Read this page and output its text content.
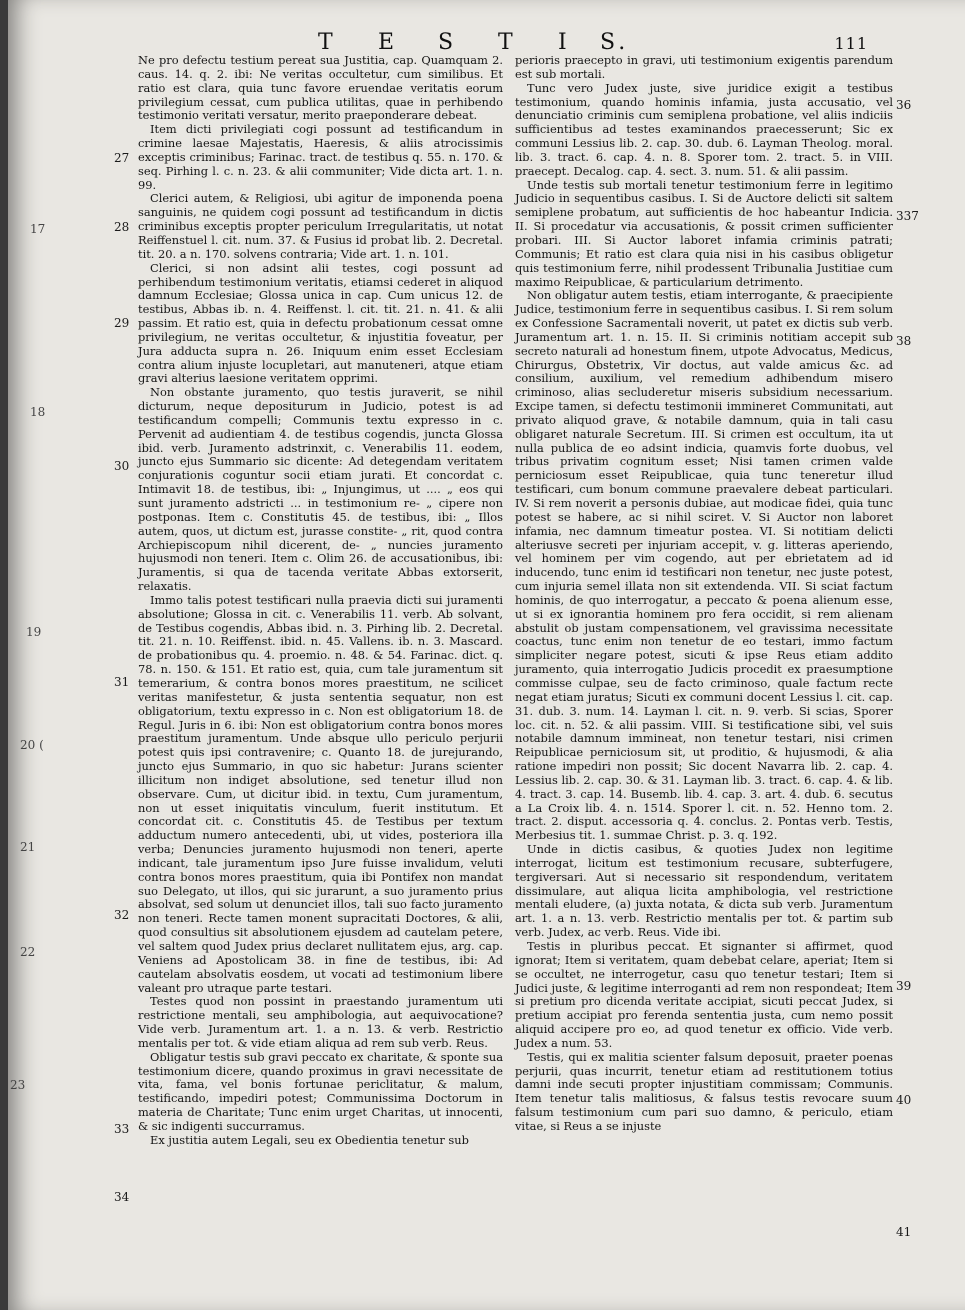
T E S T I S.	111
17
18
19
20 (
21
22
23
27
28
29
30
31
32
33
34
36
337
38
39
40
41

Ne pro defectu testium pereat sua Justitia, cap. Quamquam 2. caus. 14. q. 2. ibi: Ne veritas occultetur, cum similibus. Et ratio est clara, quia tunc favore eruendae veritatis eorum privilegium cessat, cum publica utilitas, quae in perhibendo testimonio veritati versatur, merito praeponderare debeat.

Item dicti privilegiati cogi possunt ad testificandum in crimine laesae Majestatis, Haeresis, & aliis atrocissimis exceptis criminibus; Farinac. tract. de testibus q. 55. n. 170. & seq. Pirhing l. c. n. 23. & alii communiter; Vide dicta art. 1. n. 99.

Clerici autem, & Religiosi, ubi agitur de imponenda poena sanguinis, ne quidem cogi possunt ad testificandum in dictis criminibus exceptis propter periculum Irregularitatis, ut notat Reiffenstuel l. cit. num. 37. & Fusius id probat lib. 2. Decretal. tit. 20. a n. 170. solvens contraria; Vide art. 1. n. 101.

Clerici, si non adsint alii testes, cogi possunt ad perhibendum testimonium veritatis, etiamsi cederet in aliquod damnum Ecclesiae; Glossa unica in cap. Cum unicus 12. de testibus, Abbas ib. n. 4. Reiffenst. l. cit. tit. 21. n. 41. & alii passim. Et ratio est, quia in defectu probationum cessat omne privilegium, ne veritas occultetur, & injustitia foveatur, per Jura adducta supra n. 26. Iniquum enim esset Ecclesiam contra alium injuste locupletari, aut manuteneri, atque etiam gravi alterius laesione veritatem opprimi.

Non obstante juramento, quo testis juraverit, se nihil dicturum, neque depositurum in Judicio, potest is ad testificandum compelli; Communis textu expresso in c. Pervenit ad audientiam 4. de testibus cogendis, juncta Glossa ibid. verb. Juramento adstrinxit, c. Venerabilis 11. eodem, juncto ejus Summario sic dicente: Ad detegendam veritatem conjurationis coguntur socii etiam jurati. Et concordat c. Intimavit 18. de testibus, ibi: „ Injungimus, ut .... „ eos qui sunt juramento adstricti ... in testimonium re- „ cipere non postponas. Item c. Constitutis 45. de testibus, ibi: „ Illos autem, quos, ut dictum est, jurasse constite- „ rit, quod contra Archiepiscopum nihil dicerent, de- „ nuncies juramento hujusmodi non teneri. Item c. Olim 26. de accusationibus, ibi: Juramentis, si qua de tacenda veritate Abbas extorserit, relaxatis.

Immo talis potest testificari nulla praevia dicti sui juramenti absolutione; Glossa in cit. c. Venerabilis 11. verb. Ab solvant, de Testibus cogendis, Abbas ibid. n. 3. Pirhing lib. 2. Decretal. tit. 21. n. 10. Reiffenst. ibid. n. 45. Vallens. ib. n. 3. Mascard. de probationibus qu. 4. proemio. n. 48. & 54. Farinac. dict. q. 78. n. 150. & 151. Et ratio est, quia, cum tale juramentum sit temerarium, & contra bonos mores praestitum, ne scilicet veritas manifestetur, & justa sententia sequatur, non est obligatorium, textu expresso in c. Non est obligatorium 18. de Regul. Juris in 6. ibi: Non est obligatorium contra bonos mores praestitum juramentum. Unde absque ullo periculo perjurii potest quis ipsi contravenire; c. Quanto 18. de jurejurando, juncto ejus Summario, in quo sic habetur: Jurans scienter illicitum non indiget absolutione, sed tenetur illud non observare. Cum, ut dicitur ibid. in textu, Cum juramentum, non ut esset iniquitatis vinculum, fuerit institutum. Et concordat cit. c. Constitutis 45. de Testibus per textum adductum numero antecedenti, ubi, ut vides, posteriora illa verba; Denuncies juramento hujusmodi non teneri, aperte indicant, tale juramentum ipso Jure fuisse invalidum, veluti contra bonos mores praestitum, quia ibi Pontifex non mandat suo Delegato, ut illos, qui sic jurarunt, a suo juramento prius absolvat, sed solum ut denunciet illos, tali suo facto juramento non teneri. Recte tamen monent supracitati Doctores, & alii, quod consultius sit absolutionem ejusdem ad cautelam petere, vel saltem quod Judex prius declaret nullitatem ejus, arg. cap. Veniens ad Apostolicam 38. in fine de testibus, ibi: Ad cautelam absolvatis eosdem, ut vocati ad testimonium libere valeant pro utraque parte testari.

Testes quod non possint in praestando juramentum uti restrictione mentali, seu amphibologia, aut aequivocatione? Vide verb. Juramentum art. 1. a n. 13. & verb. Restrictio mentalis per tot. & vide etiam aliqua ad rem sub verb. Reus.

Obligatur testis sub gravi peccato ex charitate, & sponte sua testimonium dicere, quando proximus in gravi necessitate de vita, fama, vel bonis fortunae periclitatur, & malum, testificando, impediri potest; Communissima Doctorum in materia de Charitate; Tunc enim urget Charitas, ut innocenti, & sic indigenti succurramus.

Ex justitia autem Legali, seu ex Obedientia tenetur sub

perioris praecepto in gravi, uti testimonium exigentis parendum est sub mortali.

Tunc vero Judex juste, sive juridice exigit a testibus testimonium, quando hominis infamia, justa accusatio, vel denunciatio criminis cum semiplena probatione, vel aliis indiciis sufficientibus ad testes examinandos praecesserunt; Sic ex communi Lessius lib. 2. cap. 30. dub. 6. Layman Theolog. moral. lib. 3. tract. 6. cap. 4. n. 8. Sporer tom. 2. tract. 5. in VIII. praecept. Decalog. cap. 4. sect. 3. num. 51. & alii passim.

Unde testis sub mortali tenetur testimonium ferre in legitimo Judicio in sequentibus casibus. I. Si de Auctore delicti sit saltem semiplene probatum, aut sufficientis de hoc habeantur Indicia. II. Si procedatur via accusationis, & possit crimen sufficienter probari. III. Si Auctor laboret infamia criminis patrati; Communis; Et ratio est clara quia nisi in his casibus obligetur quis testimonium ferre, nihil prodessent Tribunalia Justitiae cum maximo Reipublicae, & particularium detrimento.

Non obligatur autem testis, etiam interrogante, & praecipiente Judice, testimonium ferre in sequentibus casibus. I. Si rem solum ex Confessione Sacramentali noverit, ut patet ex dictis sub verb. Juramentum art. 1. n. 15. II. Si criminis notitiam accepit sub secreto naturali ad honestum finem, utpote Advocatus, Medicus, Chirurgus, Obstetrix, Vir doctus, aut valde amicus &c. ad consilium, auxilium, vel remedium adhibendum misero criminoso, alias secluderetur miseris subsidium necessarium. Excipe tamen, si defectu testimonii immineret Communitati, aut privato aliquod grave, & notabile damnum, quia in tali casu obligaret naturale Secretum. III. Si crimen est occultum, ita ut nulla publica de eo adsint indicia, quamvis forte duobus, vel tribus privatim cognitum esset; Nisi tamen crimen valde perniciosum esset Reipublicae, quia tunc teneretur illud testificari, cum bonum commune praevalere debeat particulari. IV. Si rem noverit a personis dubiae, aut modicae fidei, quia tunc potest se habere, ac si nihil sciret. V. Si Auctor non laboret infamia, nec damnum timeatur postea. VI. Si notitiam delicti alteriusve secreti per injuriam accepit, v. g. litteras aperiendo, vel hominem per vim cogendo, aut per ebrietatem ad id inducendo, tunc enim id testificari non tenetur, nec juste potest, cum injuria semel illata non sit extendenda. VII. Si sciat factum hominis, de quo interrogatur, a peccato & poena alienum esse, ut si ex ignorantia hominem pro fera occidit, si rem alienam abstulit ob justam compensationem, vel gravissima necessitate coactus, tunc enim non tenetur de eo testari, immo factum simpliciter negare potest, sicuti & ipse Reus etiam addito juramento, quia interrogatio Judicis procedit ex praesumptione commisse culpae, seu de facto criminoso, quale factum recte negat etiam juratus; Sicuti ex communi docent Lessius l. cit. cap. 31. dub. 3. num. 14. Layman l. cit. n. 9. verb. Si scias, Sporer loc. cit. n. 52. & alii passim. VIII. Si testificatione sibi, vel suis notabile damnum immineat, non tenetur testari, nisi crimen Reipublicae perniciosum sit, ut proditio, & hujusmodi, & alia ratione impediri non possit; Sic docent Navarra lib. 2. cap. 4. Lessius lib. 2. cap. 30. & 31. Layman lib. 3. tract. 6. cap. 4. & lib. 4. tract. 3. cap. 14. Busemb. lib. 4. cap. 3. art. 4. dub. 6. secutus a La Croix lib. 4. n. 1514. Sporer l. cit. n. 52. Henno tom. 2. tract. 2. disput. accessoria q. 4. conclus. 2. Pontas verb. Testis, Merbesius tit. 1. summae Christ. p. 3. q. 192.

Unde in dictis casibus, & quoties Judex non legitime interrogat, licitum est testimonium recusare, subterfugere, tergiversari. Aut si necessario sit respondendum, veritatem dissimulare, aut aliqua licita amphibologia, vel restrictione mentali eludere, (a) juxta notata, & dicta sub verb. Juramentum art. 1. a n. 13. verb. Restrictio mentalis per tot. & partim sub verb. Judex, ac verb. Reus. Vide ibi.

Testis in pluribus peccat. Et signanter si affirmet, quod ignorat; Item si veritatem, quam debebat celare, aperiat; Item si se occultet, ne interrogetur, casu quo tenetur testari; Item si Judici juste, & legitime interroganti ad rem non respondeat; Item si pretium pro dicenda veritate accipiat, sicuti peccat Judex, si pretium accipiat pro ferenda sententia justa, cum nemo possit aliquid accipere pro eo, ad quod tenetur ex officio. Vide verb. Judex a num. 53.

Testis, qui ex malitia scienter falsum deposuit, praeter poenas perjurii, quas incurrit, tenetur etiam ad restitutionem totius damni inde secuti propter injustitiam commissam; Communis. Item tenetur talis malitiosus, & falsus testis revocare suum falsum testimonium cum pari suo damno, & periculo, etiam vitae, si Reus a se injuste
